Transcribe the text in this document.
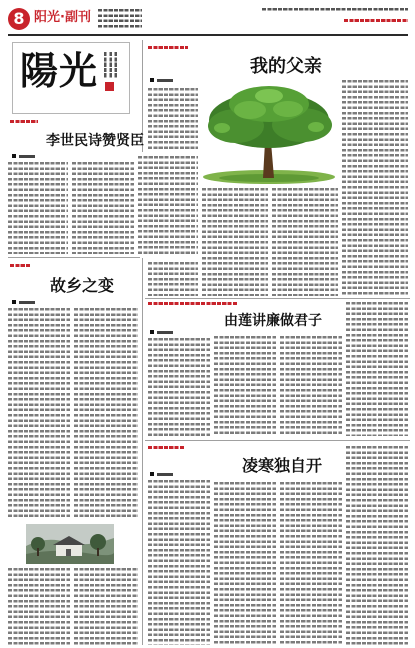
8 阳光·副刊
陽光	我的父亲
李世民诗赞贤臣
故乡之变
由莲讲廉做君子
凌寒独自开
